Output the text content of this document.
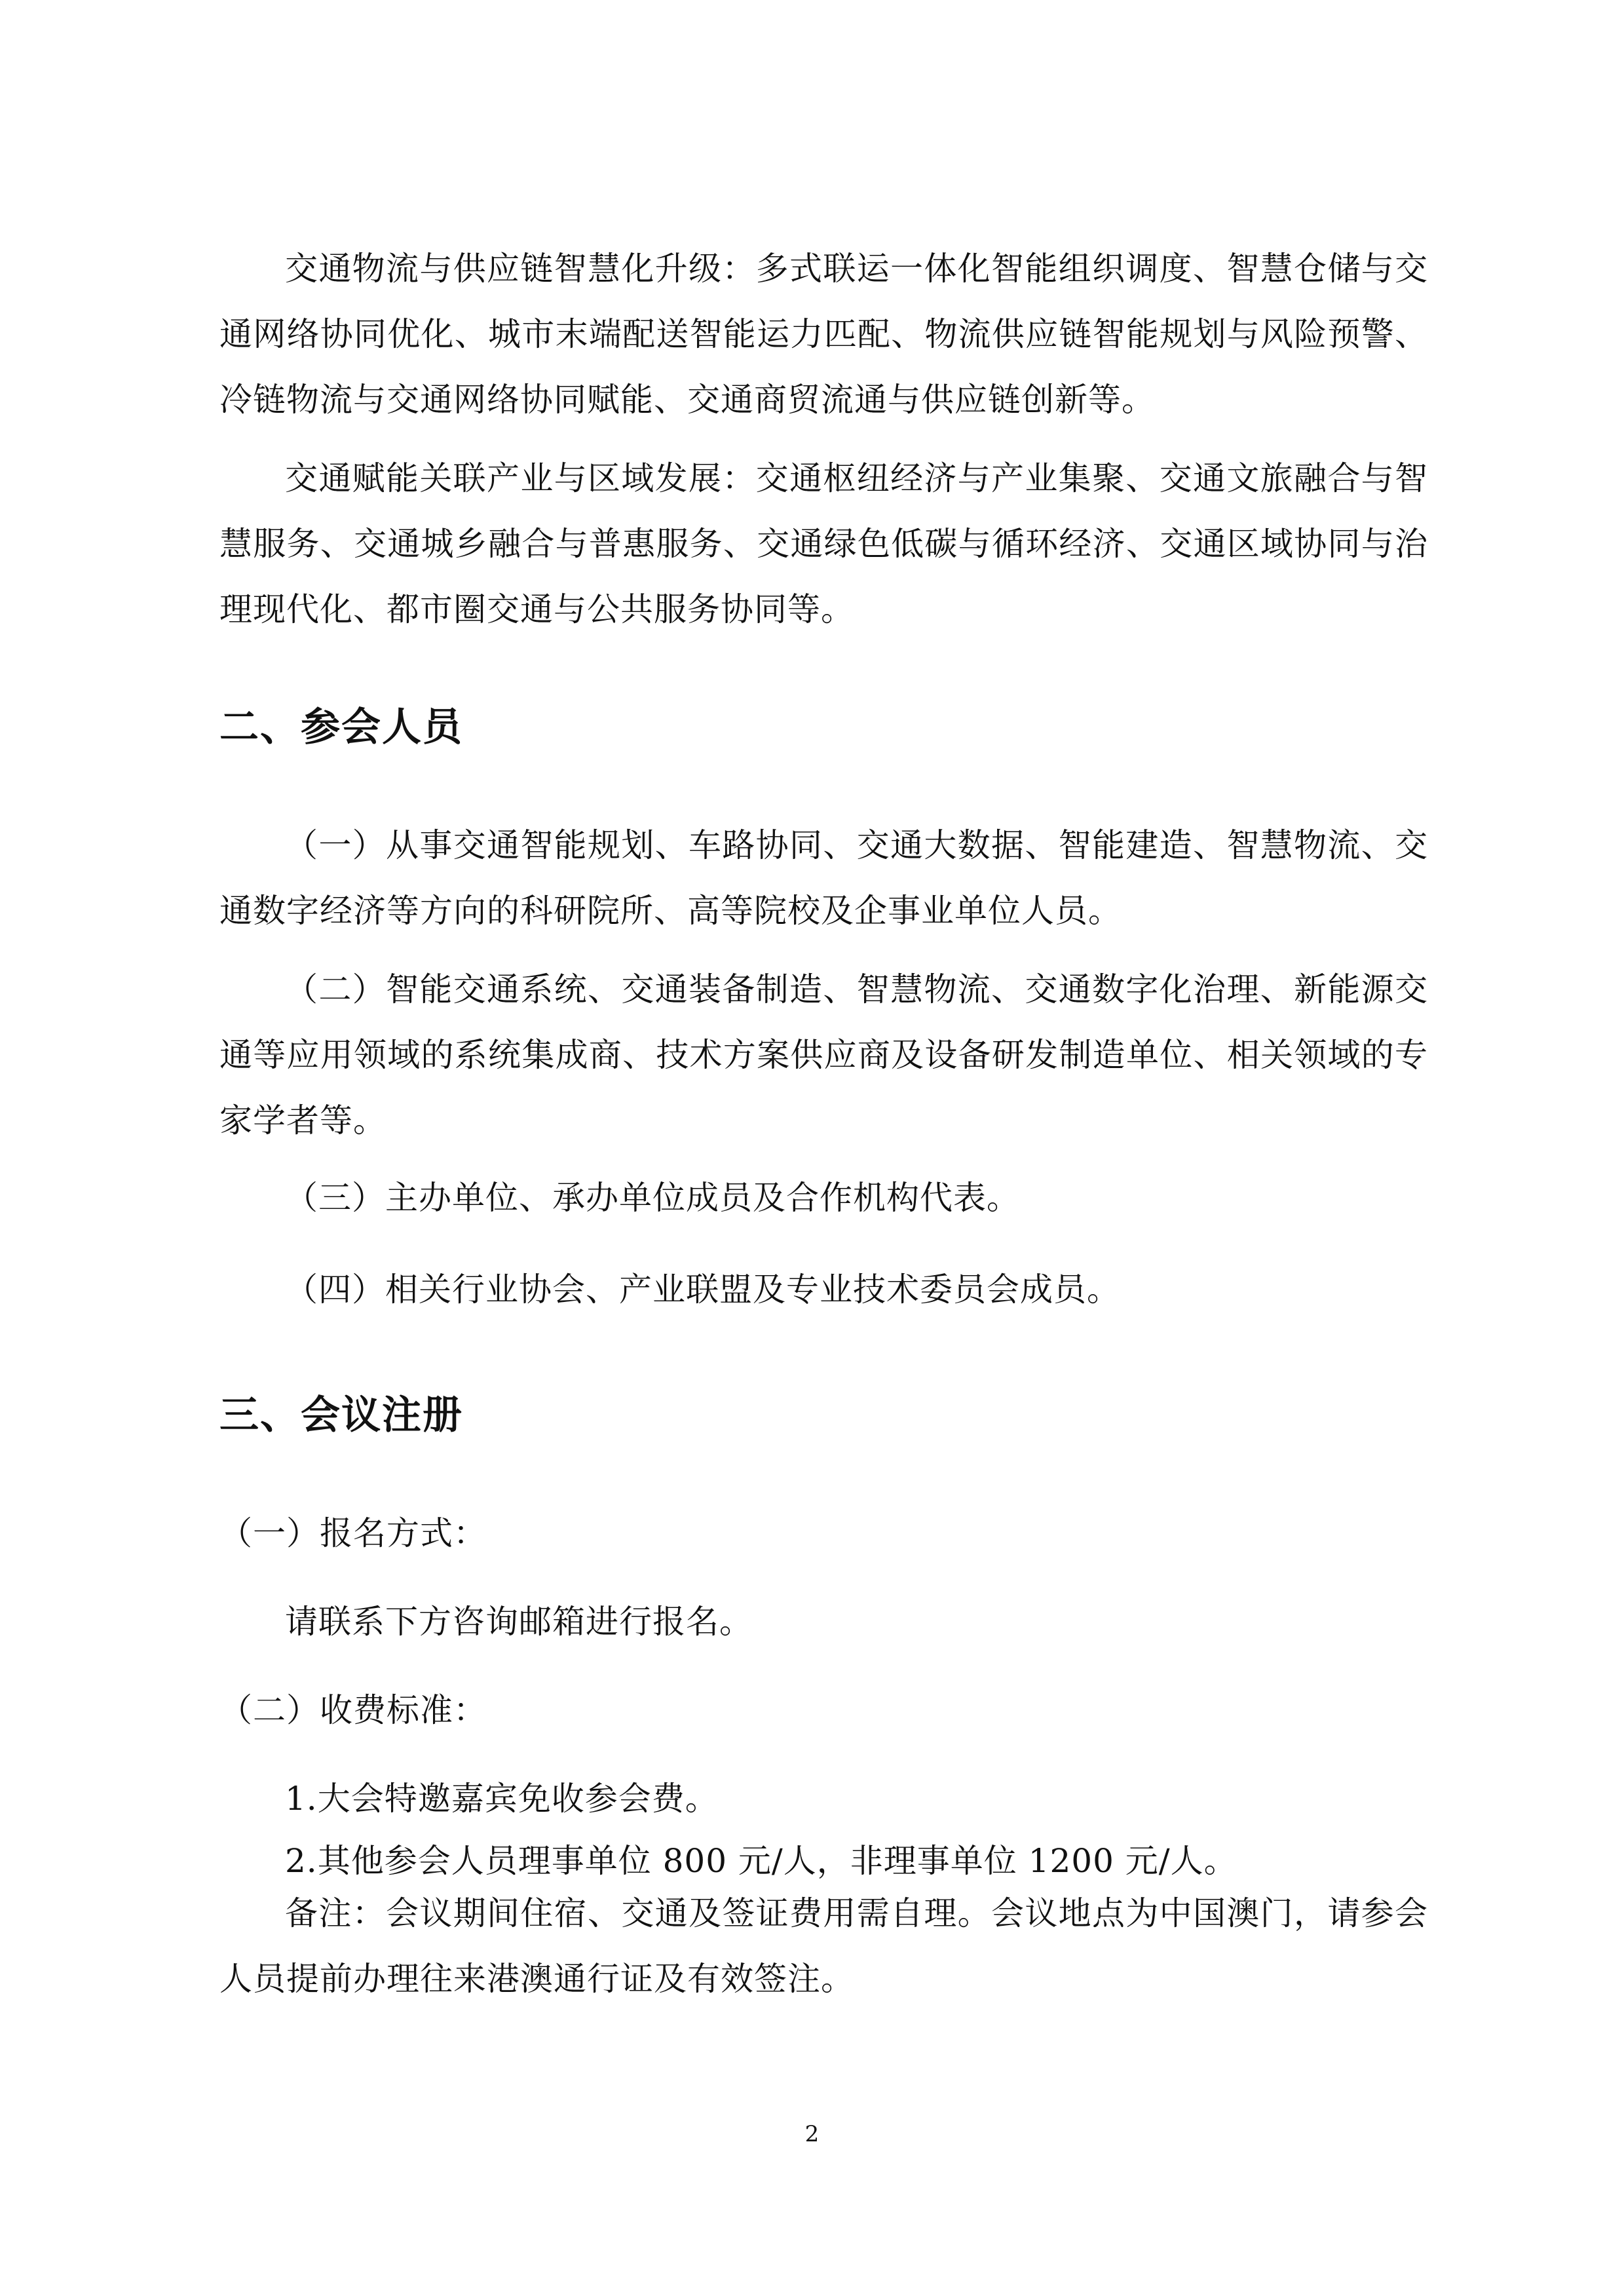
交通物流与供应链智慧化升级：多式联运一体化智能组织调度、智慧仓储与交通网络协同优化、城市末端配送智能运力匹配、物流供应链智能规划与风险预警、冷链物流与交通网络协同赋能、交通商贸流通与供应链创新等。

交通赋能关联产业与区域发展：交通枢纽经济与产业集聚、交通文旅融合与智慧服务、交通城乡融合与普惠服务、交通绿色低碳与循环经济、交通区域协同与治理现代化、都市圈交通与公共服务协同等。

二、参会人员

（一）从事交通智能规划、车路协同、交通大数据、智能建造、智慧物流、交通数字经济等方向的科研院所、高等院校及企事业单位人员。

（二）智能交通系统、交通装备制造、智慧物流、交通数字化治理、新能源交通等应用领域的系统集成商、技术方案供应商及设备研发制造单位、相关领域的专家学者等。

（三）主办单位、承办单位成员及合作机构代表。

（四）相关行业协会、产业联盟及专业技术委员会成员。

三、会议注册

（一）报名方式：

请联系下方咨询邮箱进行报名。

（二）收费标准：

1.大会特邀嘉宾免收参会费。

2.其他参会人员理事单位 800 元/人，非理事单位 1200 元/人。

备注：会议期间住宿、交通及签证费用需自理。会议地点为中国澳门，请参会人员提前办理往来港澳通行证及有效签注。

2
